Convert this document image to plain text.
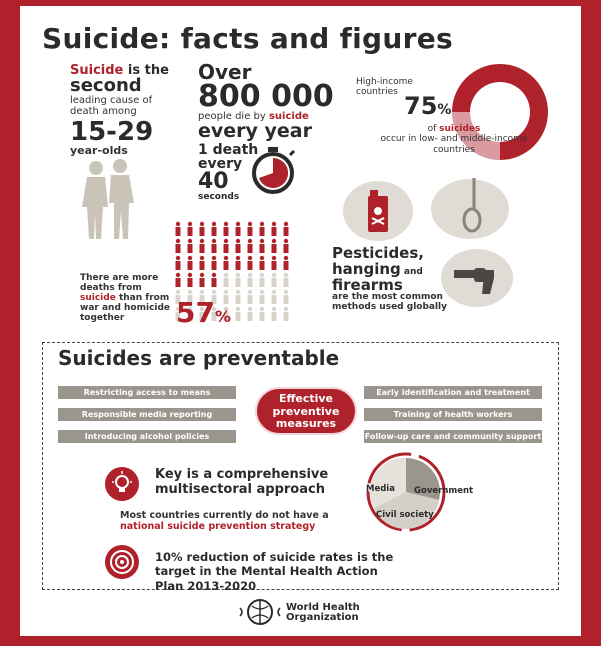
Suicide: facts and figures
Suicide is the
second
leading cause of death among
15-29
year-olds
Over
800 000
people die by suicide
every year
1 death
every
40
seconds
High-income
countries
75%
of suicides
occur in low- and middle-income countries
Pesticides, hanging and
firearms
are the most common methods used globally
There are more deaths from suicide than from war and homicide together	57%
Suicides are preventable
Restricting access to means
Responsible media reporting
Introducing alcohol policies
Early identification and treatment
Training of health workers
Follow-up care and community support
Effective preventive measures
Key is a comprehensive multisectoral approach
Most countries currently do not have a national suicide prevention strategy
Media Government
Civil society
10% reduction of suicide rates is the target in the Mental Health Action Plan 2013-2020
World Health
Organization
